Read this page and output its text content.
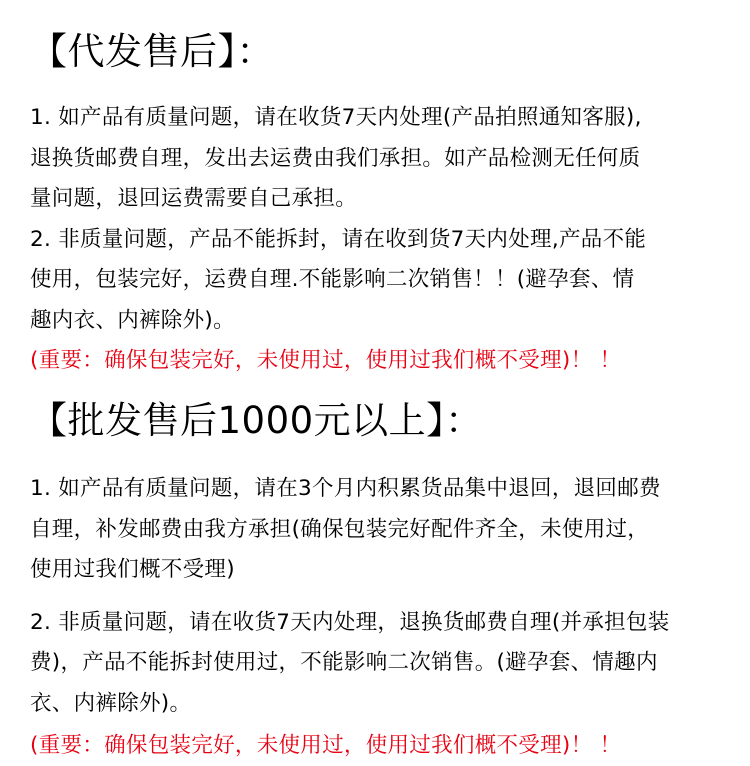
【代发售后】：

1. 如产品有质量问题，请在收货7天内处理(产品拍照通知客服),
退换货邮费自理，发出去运费由我们承担。如产品检测无任何质
量问题，退回运费需要自己承担。

2. 非质量问题，产品不能拆封，请在收到货7天内处理,产品不能
使用，包装完好，运费自理.不能影响二次销售！！(避孕套、情
趣内衣、内裤除外)。

(重要：确保包装完好，未使用过，使用过我们概不受理)！ ！

【批发售后1000元以上】：

1. 如产品有质量问题，请在3个月内积累货品集中退回，退回邮费
自理，补发邮费由我方承担(确保包装完好配件齐全，未使用过，
使用过我们概不受理)

2. 非质量问题，请在收货7天内处理，退换货邮费自理(并承担包装
费)，产品不能拆封使用过，不能影响二次销售。(避孕套、情趣内
衣、内裤除外)。

(重要：确保包装完好，未使用过，使用过我们概不受理)！ ！
